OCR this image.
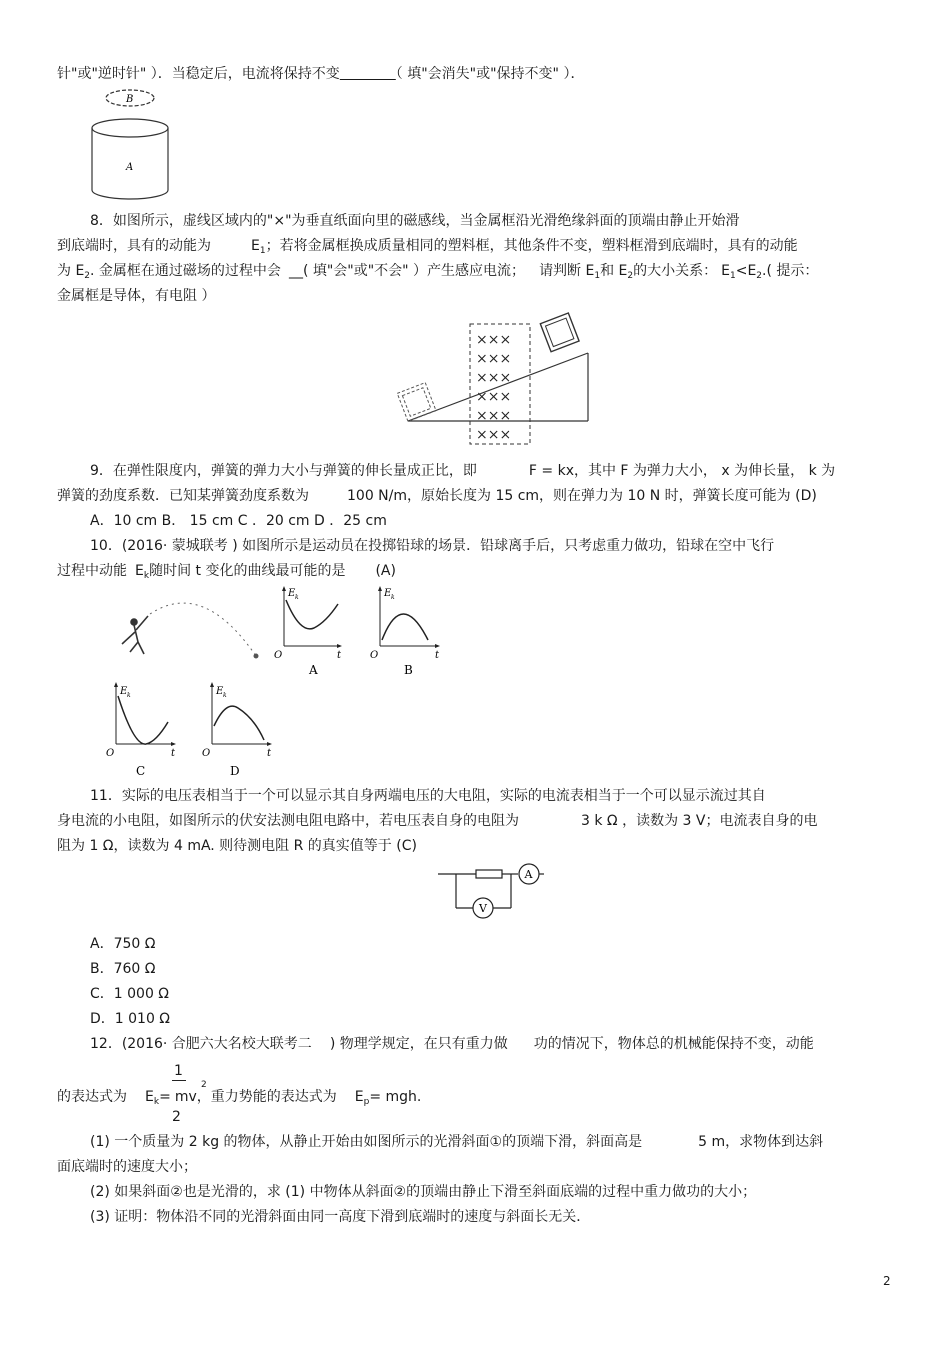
针"或"逆时针" ）．当稳定后，电流将保持不变　　　　	（ 填"会消失"或"保持不变" ）．
B
A
8．如图所示，虚线区域内的"×"为垂直纸面向里的磁感线，当金属框沿光滑绝缘斜面的顶端由静止开始滑
到底端时，具有的动能为	$E_1$；若将金属框换成质量相同的塑料框，其他条件不变，塑料框滑到底端时，具有的动能
为 $E_2$. 金属框在通过磁场的过程中会 __( 填"会"或"不会" ）产生感应电流； 请判断 $E_1$和 $E_2$的大小关系： $E_1<E_2$.( 提示：
金属框是导体，有电阻 ）
×××
×××
×××
×××
×××
×××
9．在弹性限度内，弹簧的弹力大小与弹簧的伸长量成正比，即	F = kx，其中 F 为弹力大小， x 为伸长量， k 为
弹簧的劲度系数．已知某弹簧劲度系数为	100 N/m，原始长度为 15 cm，则在弹力为 10 N 时，弹簧长度可能为 (D)
A．10 cm B． 15 cm C ．20 cm D ．25 cm
10．(2016· 蒙城联考 ) 如图所示是运动员在投掷铅球的场景．铅球离手后，只考虑重力做功，铅球在空中飞行
过程中动能 $E_k$随时间 t 变化的曲线最可能的是 (A)
E k
O	t
A
E k
O	t
B
E k
O	t
C
E k
O	t
D
11．实际的电压表相当于一个可以显示其自身两端电压的大电阻，实际的电流表相当于一个可以显示流过其自
身电流的小电阻，如图所示的伏安法测电阻电路中，若电压表自身的电阻为	3 k Ω ，读数为 3 V；电流表自身的电
阻为 1 Ω，读数为 4 mA. 则待测电阻 R 的真实值等于 (C)
A
V
A．750 Ω
B．760 Ω
C．1 000 Ω
D．1 010 Ω
12．(2016· 合肥六大名校大联考二 ) 物理学规定，在只有重力做 功的情况下，物体总的机械能保持不变，动能
1
2
的表达式为 $E_k=$ mv，重力势能的表达式为 $E_p=$ mgh.
2
(1) 一个质量为 2 kg 的物体，从静止开始由如图所示的光滑斜面①的顶端下滑，斜面高是	5 m，求物体到达斜
面底端时的速度大小；
(2) 如果斜面②也是光滑的，求 (1) 中物体从斜面②的顶端由静止下滑至斜面底端的过程中重力做功的大小；
(3) 证明：物体沿不同的光滑斜面由同一高度下滑到底端时的速度与斜面长无关．
2
